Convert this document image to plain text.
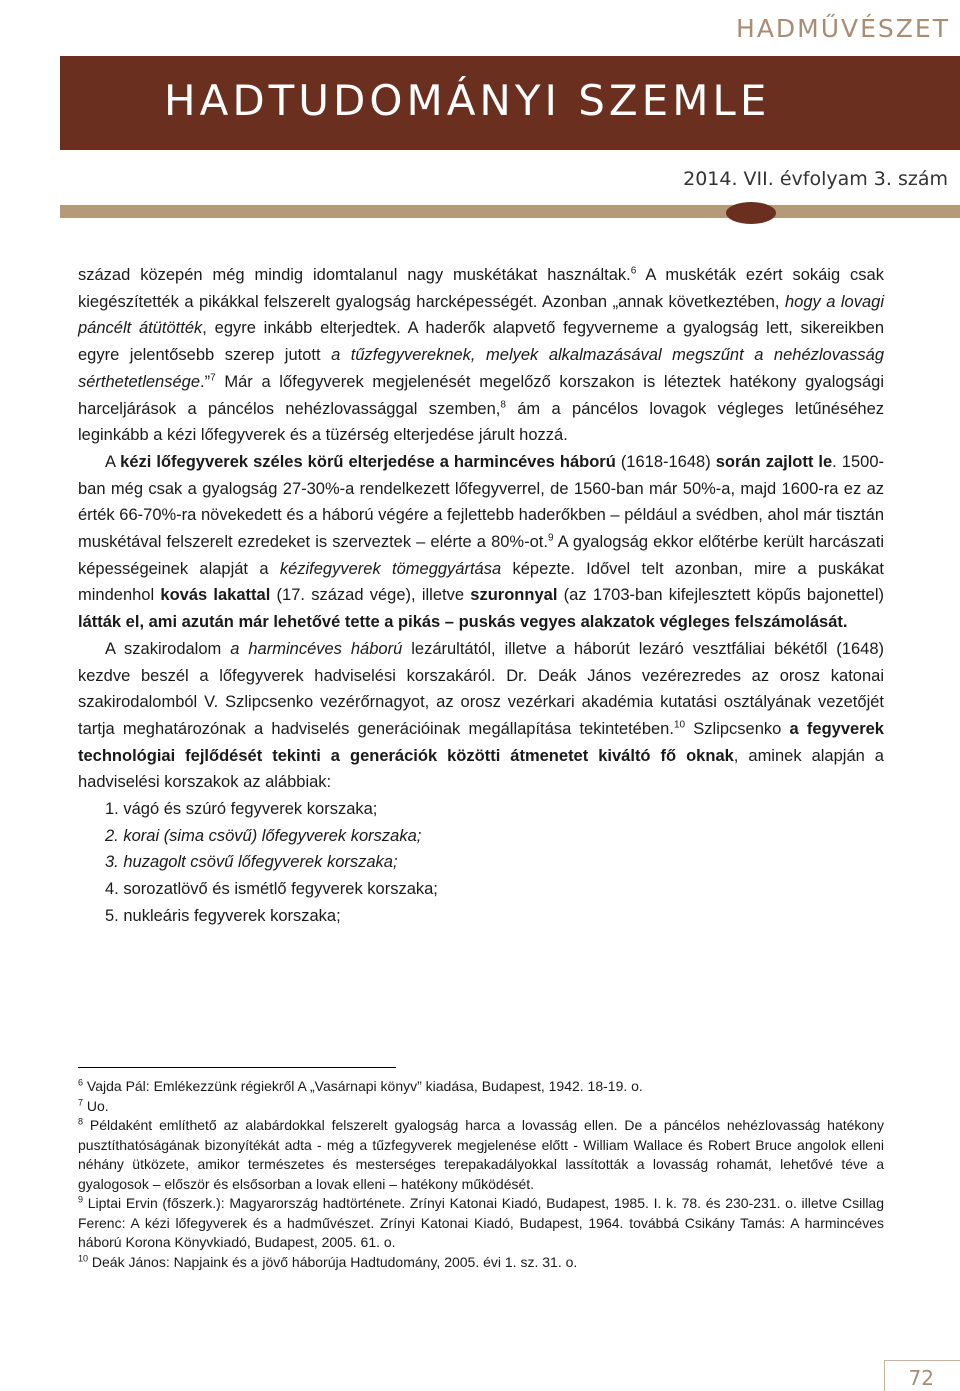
HADMŰVÉSZET
HADTUDOMÁNYI SZEMLE
2014. VII. évfolyam 3. szám

század közepén még mindig idomtalanul nagy muskétákat használtak.$^6$ A muskéták ezért sokáig csak kiegészítették a pikákkal felszerelt gyalogság harcképességét. Azonban „annak következtében, hogy a lovagi páncélt átütötték, egyre inkább elterjedtek. A haderők alapvető fegyverneme a gyalogság lett, sikereikben egyre jelentősebb szerep jutott a tűzfegyvereknek, melyek alkalmazásával megszűnt a nehézlovasság sérthetetlensége.”$^7$ Már a lőfegyverek megjelenését megelőző korszakon is léteztek hatékony gyalogsági harceljárások a páncélos nehézlovassággal szemben,$^8$ ám a páncélos lovagok végleges letűnéséhez leginkább a kézi lőfegyverek és a tüzérség elterjedése járult hozzá.

A kézi lőfegyverek széles körű elterjedése a harmincéves háború (1618-1648) során zajlott le. 1500-ban még csak a gyalogság 27-30%-a rendelkezett lőfegyverrel, de 1560-ban már 50%-a, majd 1600-ra ez az érték 66-70%-ra növekedett és a háború végére a fejlettebb haderőkben – például a svédben, ahol már tisztán muskétával felszerelt ezredeket is szerveztek – elérte a 80%-ot.$^9$ A gyalogság ekkor előtérbe került harcászati képességeinek alapját a kézifegyverek tömeggyártása képezte. Idővel telt azonban, mire a puskákat mindenhol kovás lakattal (17. század vége), illetve szuronnyal (az 1703-ban kifejlesztett köpűs bajonettel) látták el, ami azután már lehetővé tette a pikás – puskás vegyes alakzatok végleges felszámolását.

A szakirodalom a harmincéves háború lezárultától, illetve a háborút lezáró vesztfáliai békétől (1648) kezdve beszél a lőfegyverek hadviselési korszakáról. Dr. Deák János vezérezredes az orosz katonai szakirodalomból V. Szlipcsenko vezérőrnagyot, az orosz vezérkari akadémia kutatási osztályának vezetőjét tartja meghatározónak a hadviselés generációinak megállapítása tekintetében.$^{10}$ Szlipcsenko a fegyverek technológiai fejlődését tekinti a generációk közötti átmenetet kiváltó fő oknak, aminek alapján a hadviselési korszakok az alábbiak:

1. vágó és szúró fegyverek korszaka;
2. korai (sima csövű) lőfegyverek korszaka;
3. huzagolt csövű lőfegyverek korszaka;
4. sorozatlövő és ismétlő fegyverek korszaka;
5. nukleáris fegyverek korszaka;

$^6$ Vajda Pál: Emlékezzünk régiekről A „Vasárnapi könyv” kiadása, Budapest, 1942. 18-19. o.

$^7$ Uo.

$^8$ Példaként említhető az alabárdokkal felszerelt gyalogság harca a lovasság ellen. De a páncélos nehézlovasság hatékony pusztíthatóságának bizonyítékát adta - még a tűzfegyverek megjelenése előtt - William Wallace és Robert Bruce angolok elleni néhány ütközete, amikor természetes és mesterséges terepakadályokkal lassították a lovasság rohamát, lehetővé téve a gyalogosok – először és elsősorban a lovak elleni – hatékony működését.

$^9$ Liptai Ervin (főszerk.): Magyarország hadtörténete. Zrínyi Katonai Kiadó, Budapest, 1985. I. k. 78. és 230-231. o. illetve Csillag Ferenc: A kézi lőfegyverek és a hadművészet. Zrínyi Katonai Kiadó, Budapest, 1964. továbbá Csikány Tamás: A harmincéves háború Korona Könyvkiadó, Budapest, 2005. 61. o.

$^{10}$ Deák János: Napjaink és a jövő háborúja Hadtudomány, 2005. évi 1. sz. 31. o.

72
